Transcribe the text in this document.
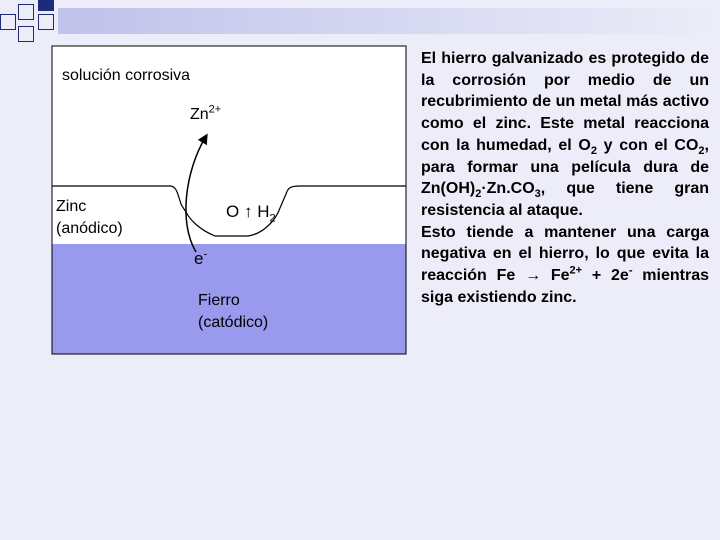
solución corrosiva
$Zn^{2+}$
Zinc
(anódico)
O ↑ $H_2$
e-
Fierro
(catódico)

El hierro galvanizado es protegido de la corrosión por medio de un recubrimiento de un metal más activo como el zinc. Este metal reacciona con la humedad, el $O_2$ y con el $CO_2$, para formar una película dura de $Zn(OH)_2\cdot Zn.CO_3$, que tiene gran resistencia al ataque.

Esto tiende a mantener una carga negativa en el hierro, lo que evita la reacción $Fe \to Fe^{2+} + 2e^-$ mientras siga existiendo zinc.
